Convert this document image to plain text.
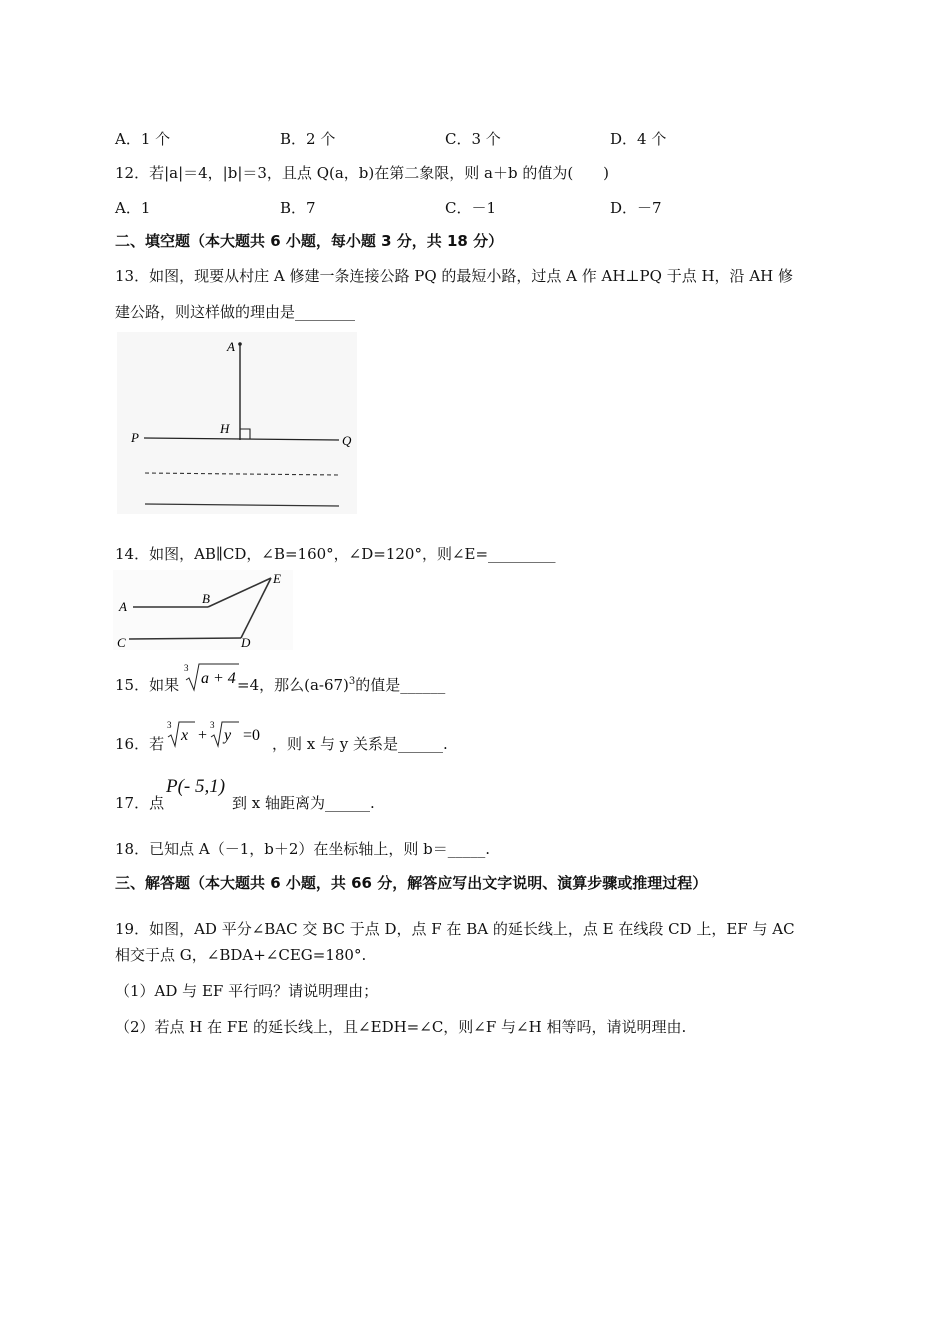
A．1 个	B．2 个	C．3 个	D．4 个
12．若|a|＝4，|b|＝3，且点 Q(a，b)在第二象限，则 a＋b 的值为(　　)
A．1	B．7	C．－1	D．－7
二、填空题（本大题共 6 小题，每小题 3 分，共 18 分）
13．如图，现要从村庄 A 修建一条连接公路 PQ 的最短小路，过点 A 作 AH⊥PQ 于点 H，沿 AH 修
建公路，则这样做的理由是________
A
H
P	Q
14．如图，AB∥CD，∠B=160°，∠D=120°，则∠E=_________
A
B
C	D
E
15．如果
3
a + 4 =4，那么$(a-67)^3$的值是______
16．若
3
x +
3
y =0 ，则 x 与 y 关系是______.
17．点
P(- 5,1)
到 x 轴距离为______.
18．已知点 A（－1，b＋2）在坐标轴上，则 b＝_____.
三、解答题（本大题共 6 小题，共 66 分，解答应写出文字说明、演算步骤或推理过程）
19．如图，AD 平分∠BAC 交 BC 于点 D，点 F 在 BA 的延长线上，点 E 在线段 CD 上，EF 与 AC
相交于点 G，∠BDA+∠CEG=180°.
（1）AD 与 EF 平行吗？请说明理由；
（2）若点 H 在 FE 的延长线上，且∠EDH=∠C，则∠F 与∠H 相等吗，请说明理由.
